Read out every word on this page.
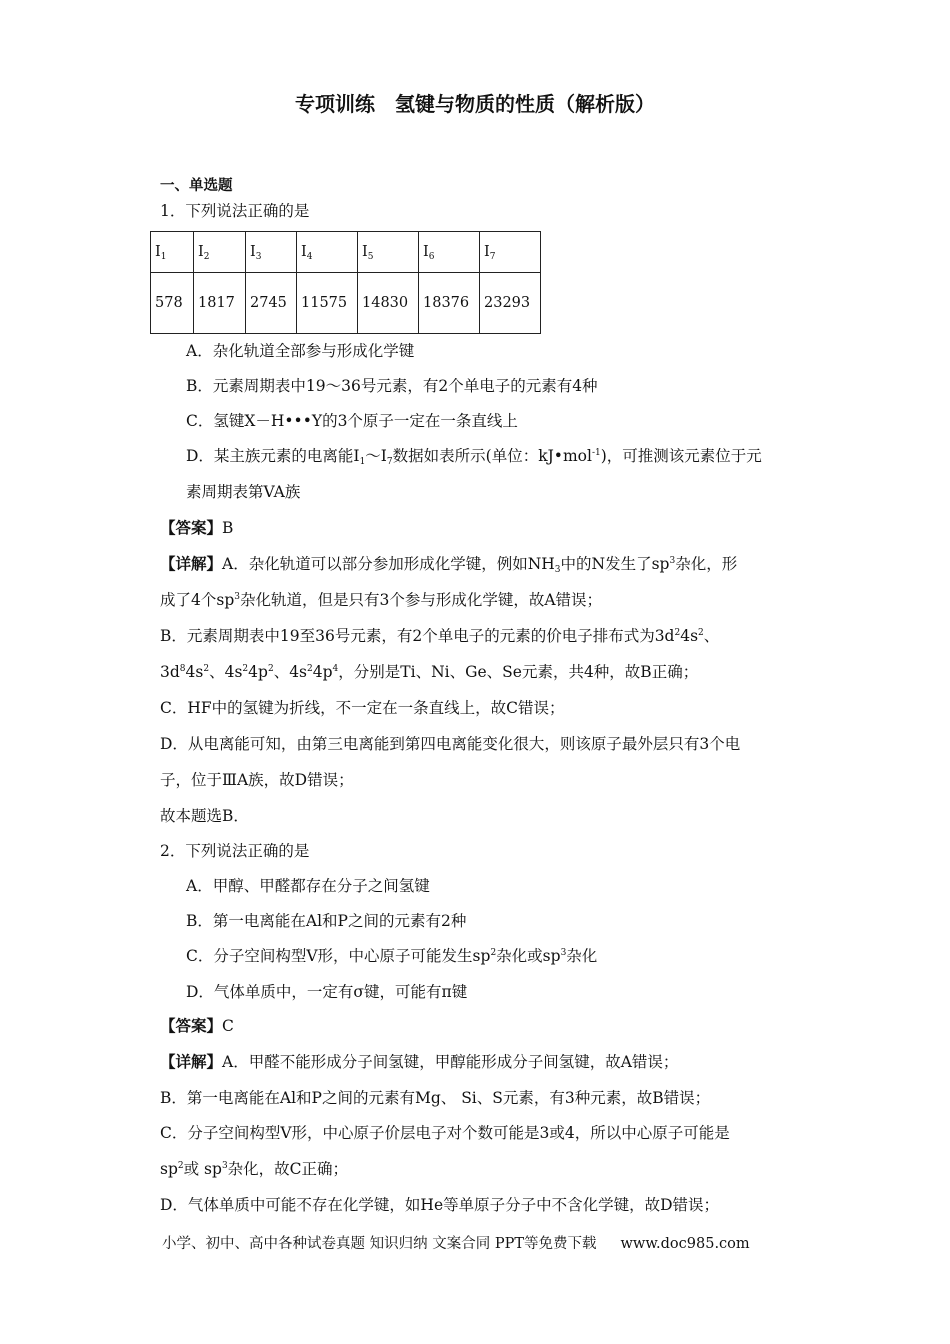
专项训练　氢键与物质的性质（解析版）
一、单选题
1．下列说法正确的是
$I_1$	$I_2$	$I_3$	$I_4$	$I_5$	$I_6$	$I_7$
578	1817	2745	11575	14830	18376	23293
A．杂化轨道全部参与形成化学键
B．元素周期表中19～36号元素，有2个单电子的元素有4种
C．氢键X－H•••Y的3个原子一定在一条直线上
D．某主族元素的电离能$I_1\sim I_7$数据如表所示(单位：kJ•mol$^{-1}$)，可推测该元素位于元
素周期表第VA族
【答案】B
【详解】A．杂化轨道可以部分参加形成化学键，例如$NH_3$中的N发生了$sp^3$杂化，形
成了4个$sp^3$杂化轨道，但是只有3个参与形成化学键，故A错误；
B．元素周期表中19至36号元素，有2个单电子的元素的价电子排布式为$3d^24s^2$、
$3d^84s^2$、$4s^24p^2$、$4s^24p^4$，分别是Ti、Ni、Ge、Se元素，共4种，故B正确；
C．HF中的氢键为折线，不一定在一条直线上，故C错误；
D．从电离能可知，由第三电离能到第四电离能变化很大，则该原子最外层只有3个电
子，位于ⅢA族，故D错误；
故本题选B．
2．下列说法正确的是
A．甲醇、甲醛都存在分子之间氢键
B．第一电离能在Al和P之间的元素有2种
C．分子空间构型V形，中心原子可能发生$sp^2$杂化或$sp^3$杂化
D．气体单质中，一定有σ键，可能有π键
【答案】C
【详解】A．甲醛不能形成分子间氢键，甲醇能形成分子间氢键，故A错误；
B．第一电离能在Al和P之间的元素有Mg、 Si、S元素，有3种元素，故B错误；
C．分子空间构型V形，中心原子价层电子对个数可能是3或4，所以中心原子可能是
$sp^2$或 $sp^3$杂化，故C正确；
D．气体单质中可能不存在化学键，如He等单原子分子中不含化学键，故D错误；
小学、初中、高中各种试卷真题 知识归纳 文案合同 PPT等免费下载 www.doc985.com
